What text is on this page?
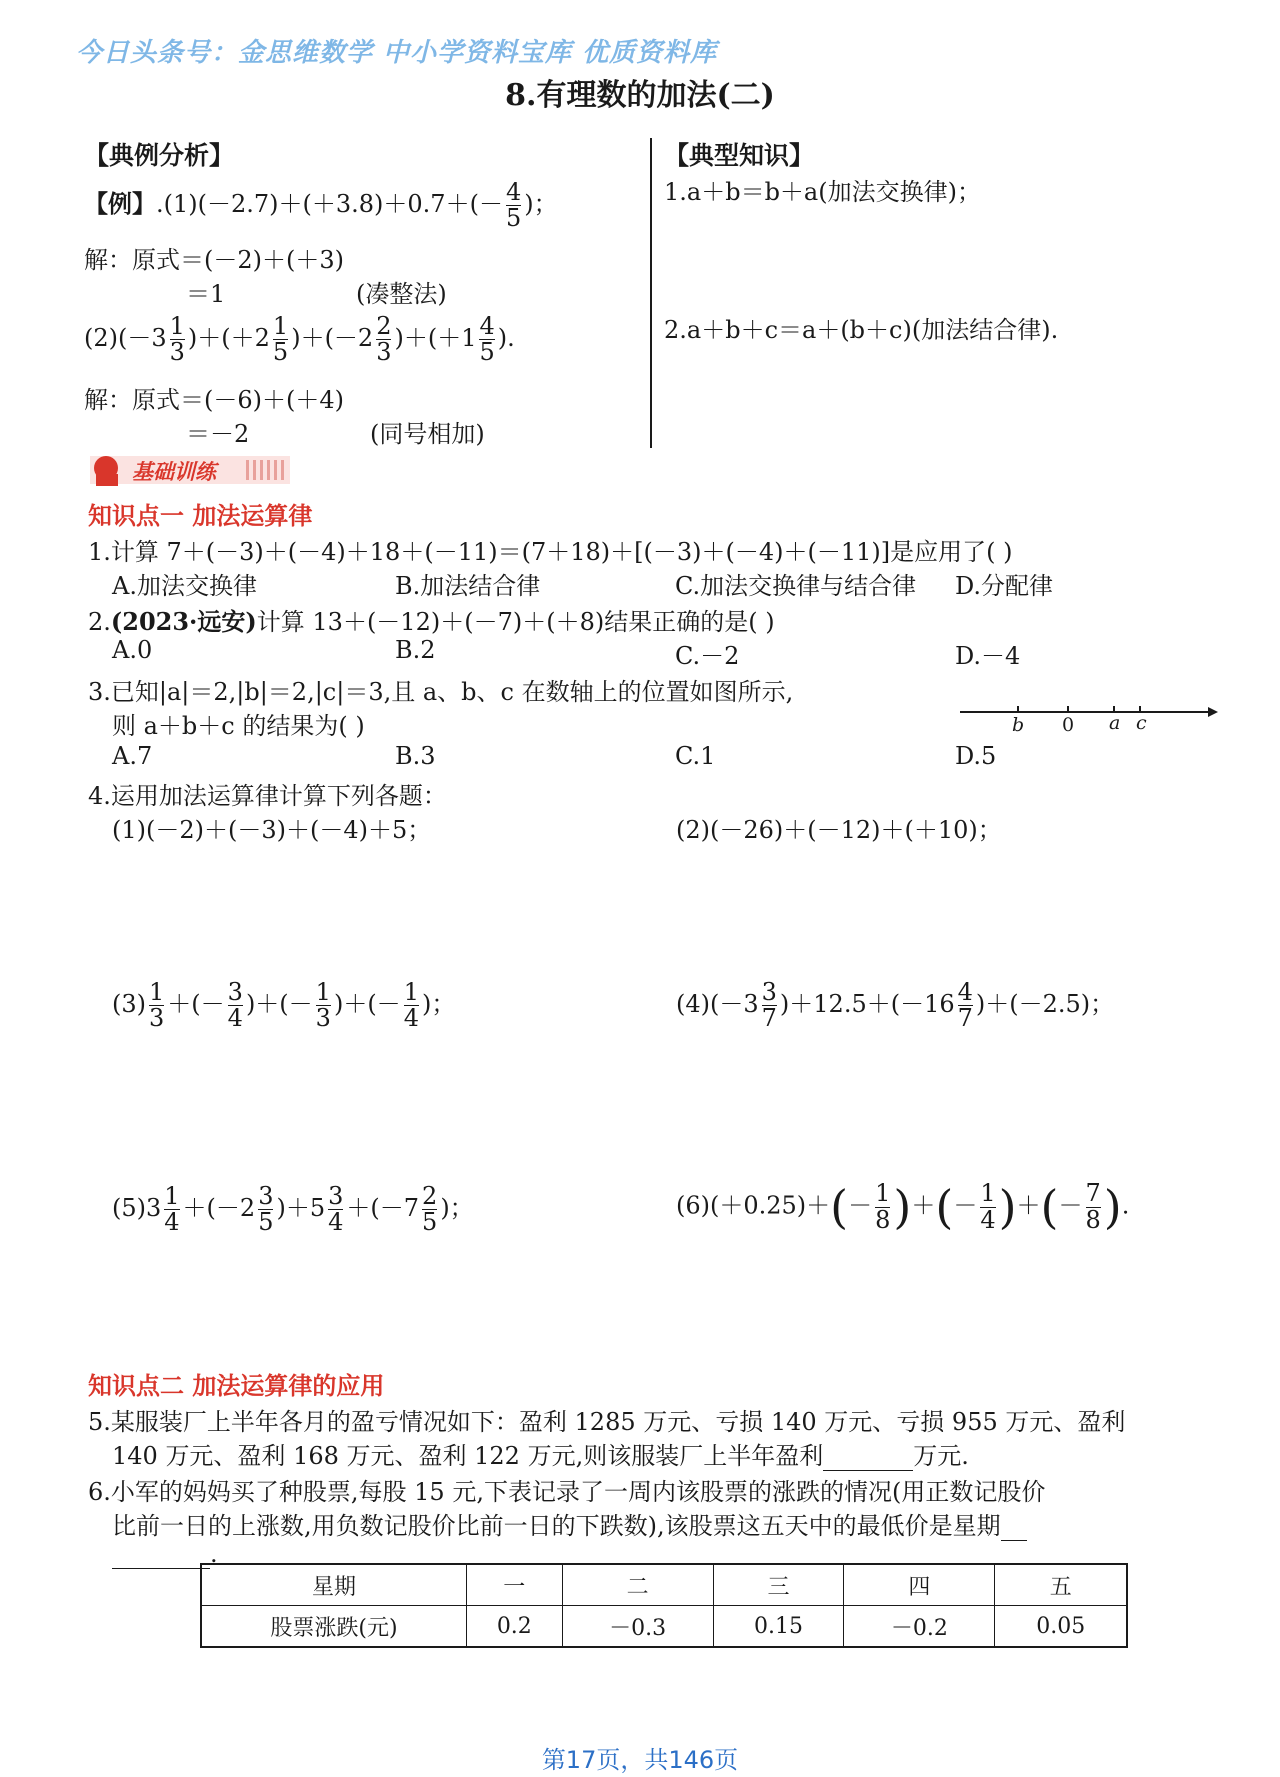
今日头条号：金思维数学 中小学资料宝库 优质资料库
8.有理数的加法(二)
【典例分析】
【例】$.(1)(-2.7)+(+3.8)+0.7+(- \frac{4}{5}$ )；
解：原式＝(－2)＋(＋3)
＝1	(凑整法)
$(2)(-3 \frac{1}{3} )+(+2 \frac{1}{5} )+(-2 \frac{2}{3} )+(+1 \frac{4}{5}$ ).
解：原式＝(－6)＋(＋4)
＝－2	(同号相加)
【典型知识】
1.a＋b＝b＋a(加法交换律)；
2.a＋b＋c＝a＋(b＋c)(加法结合律).
基础训练
知识点一 加法运算律
1.计算 7＋(－3)＋(－4)＋18＋(－11)＝(7＋18)＋[(－3)＋(－4)＋(－11)]是应用了( )
A.加法交换律	B.加法结合律	C.加法交换律与结合律 D.分配律
2.(2023·远安)计算 13＋(－12)＋(－7)＋(＋8)结果正确的是( )
A.0	B.2	C.－2	D.－4
3.已知|a|＝2,|b|＝2,|c|＝3,且 a、b、c 在数轴上的位置如图所示,
则 a＋b＋c 的结果为( )
A.7	B.3	C.1	D.5
b 0 a c
4.运用加法运算律计算下列各题：
(1)(－2)＋(－3)＋(－4)＋5；	(2)(－26)＋(－12)＋(＋10)；
$(3) \frac{1}{3}$ ＋(－ $\frac{3}{4}$ )＋(－ $\frac{1}{3}$ )＋(－ $\frac{1}{4}$ )；	$(4)(-3 \frac{3}{7} )+12.5+(-16 \frac{4}{7} )+(-2.5)$；
$(5)3 \frac{1}{4} +(-2 \frac{3}{5} )+5 \frac{3}{4} +(-7 \frac{2}{5}$ )；	$(6)(+0.25)+(- \frac{1}{8}$ )＋(－ $\frac{1}{4}$ )＋(－ $\frac{7}{8}$ ).
知识点二 加法运算律的应用
5.某服装厂上半年各月的盈亏情况如下：盈利 1285 万元、亏损 140 万元、亏损 955 万元、盈利
140 万元、盈利 168 万元、盈利 122 万元,则该服装厂上半年盈利	万元.
6.小军的妈妈买了种股票,每股 15 元,下表记录了一周内该股票的涨跌的情况(用正数记股价
比前一日的上涨数,用负数记股价比前一日的下跌数),该股票这五天中的最低价是星期
.
星期	一	二	三	四	五
股票涨跌(元)	0.2	－0.3	0.15	－0.2	0.05
第17页，共146页
